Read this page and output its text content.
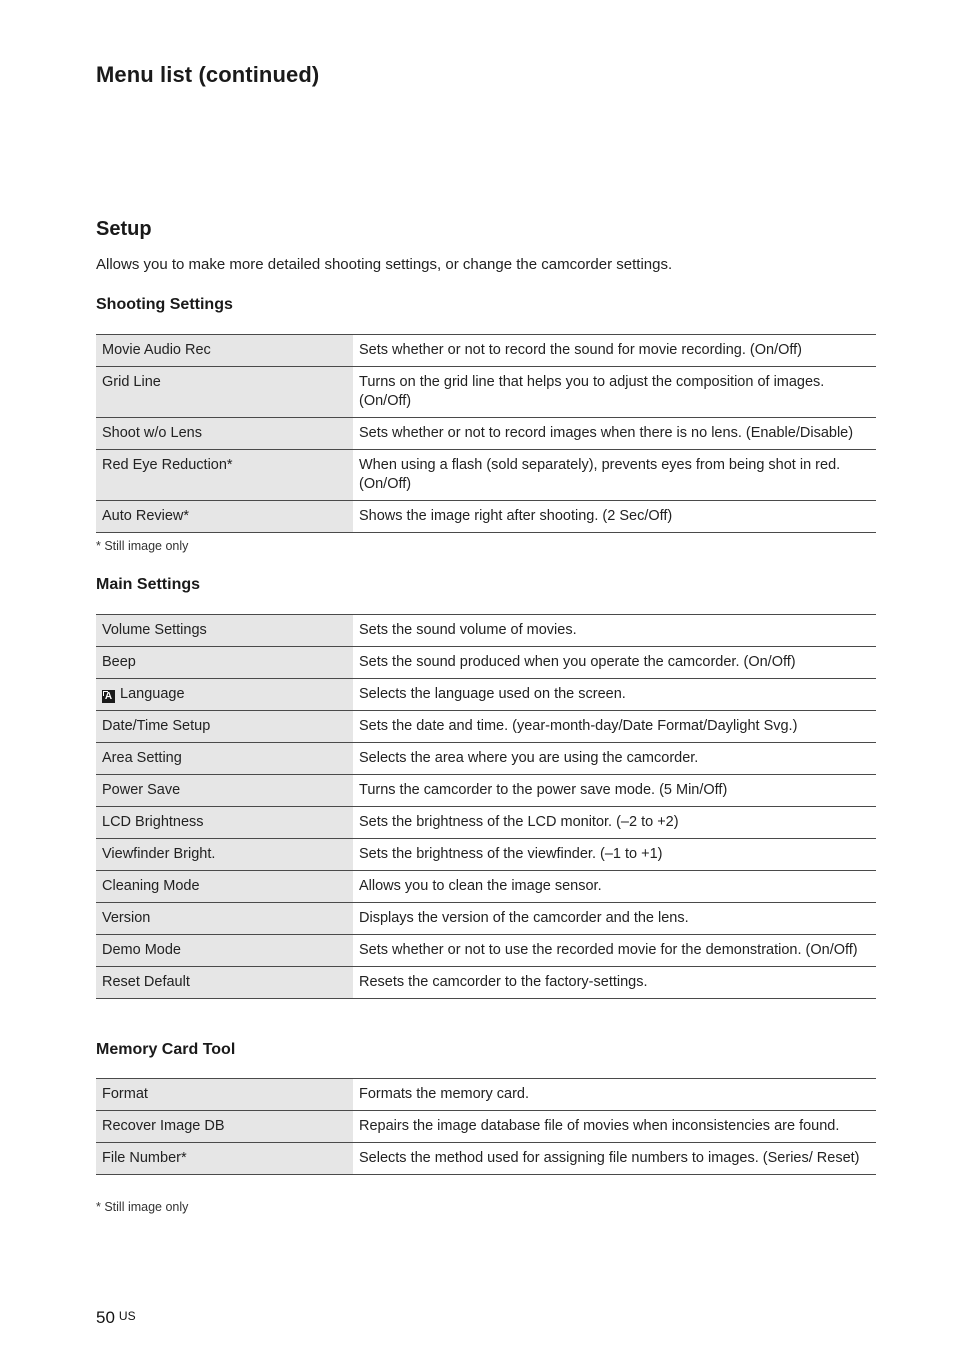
Menu list (continued)
Setup

Allows you to make more detailed shooting settings, or change the camcorder settings.

Shooting Settings
Movie Audio Rec	Sets whether or not to record the sound for movie recording. (On/Off)
Grid Line	Turns on the grid line that helps you to adjust the composition of images. (On/Off)
Shoot w/o Lens	Sets whether or not to record images when there is no lens. (Enable/Disable)
Red Eye Reduction*	When using a flash (sold separately), prevents eyes from being shot in red. (On/Off)
Auto Review*	Shows the image right after shooting. (2 Sec/Off)

* Still image only

Main Settings
Volume Settings	Sets the sound volume of movies.
Beep	Sets the sound produced when you operate the camcorder. (On/Off)
A Language	Selects the language used on the screen.
Date/Time Setup	Sets the date and time. (year-month-day/Date Format/Daylight Svg.)
Area Setting	Selects the area where you are using the camcorder.
Power Save	Turns the camcorder to the power save mode. (5 Min/Off)
LCD Brightness	Sets the brightness of the LCD monitor. (–2 to +2)
Viewfinder Bright.	Sets the brightness of the viewfinder. (–1 to +1)
Cleaning Mode	Allows you to clean the image sensor.
Version	Displays the version of the camcorder and the lens.
Demo Mode	Sets whether or not to use the recorded movie for the demonstration. (On/Off)
Reset Default	Resets the camcorder to the factory-settings.
Memory Card Tool
Format	Formats the memory card.
Recover Image DB	Repairs the image database file of movies when inconsistencies are found.
File Number*	Selects the method used for assigning file numbers to images. (Series/ Reset)

* Still image only

50 US
